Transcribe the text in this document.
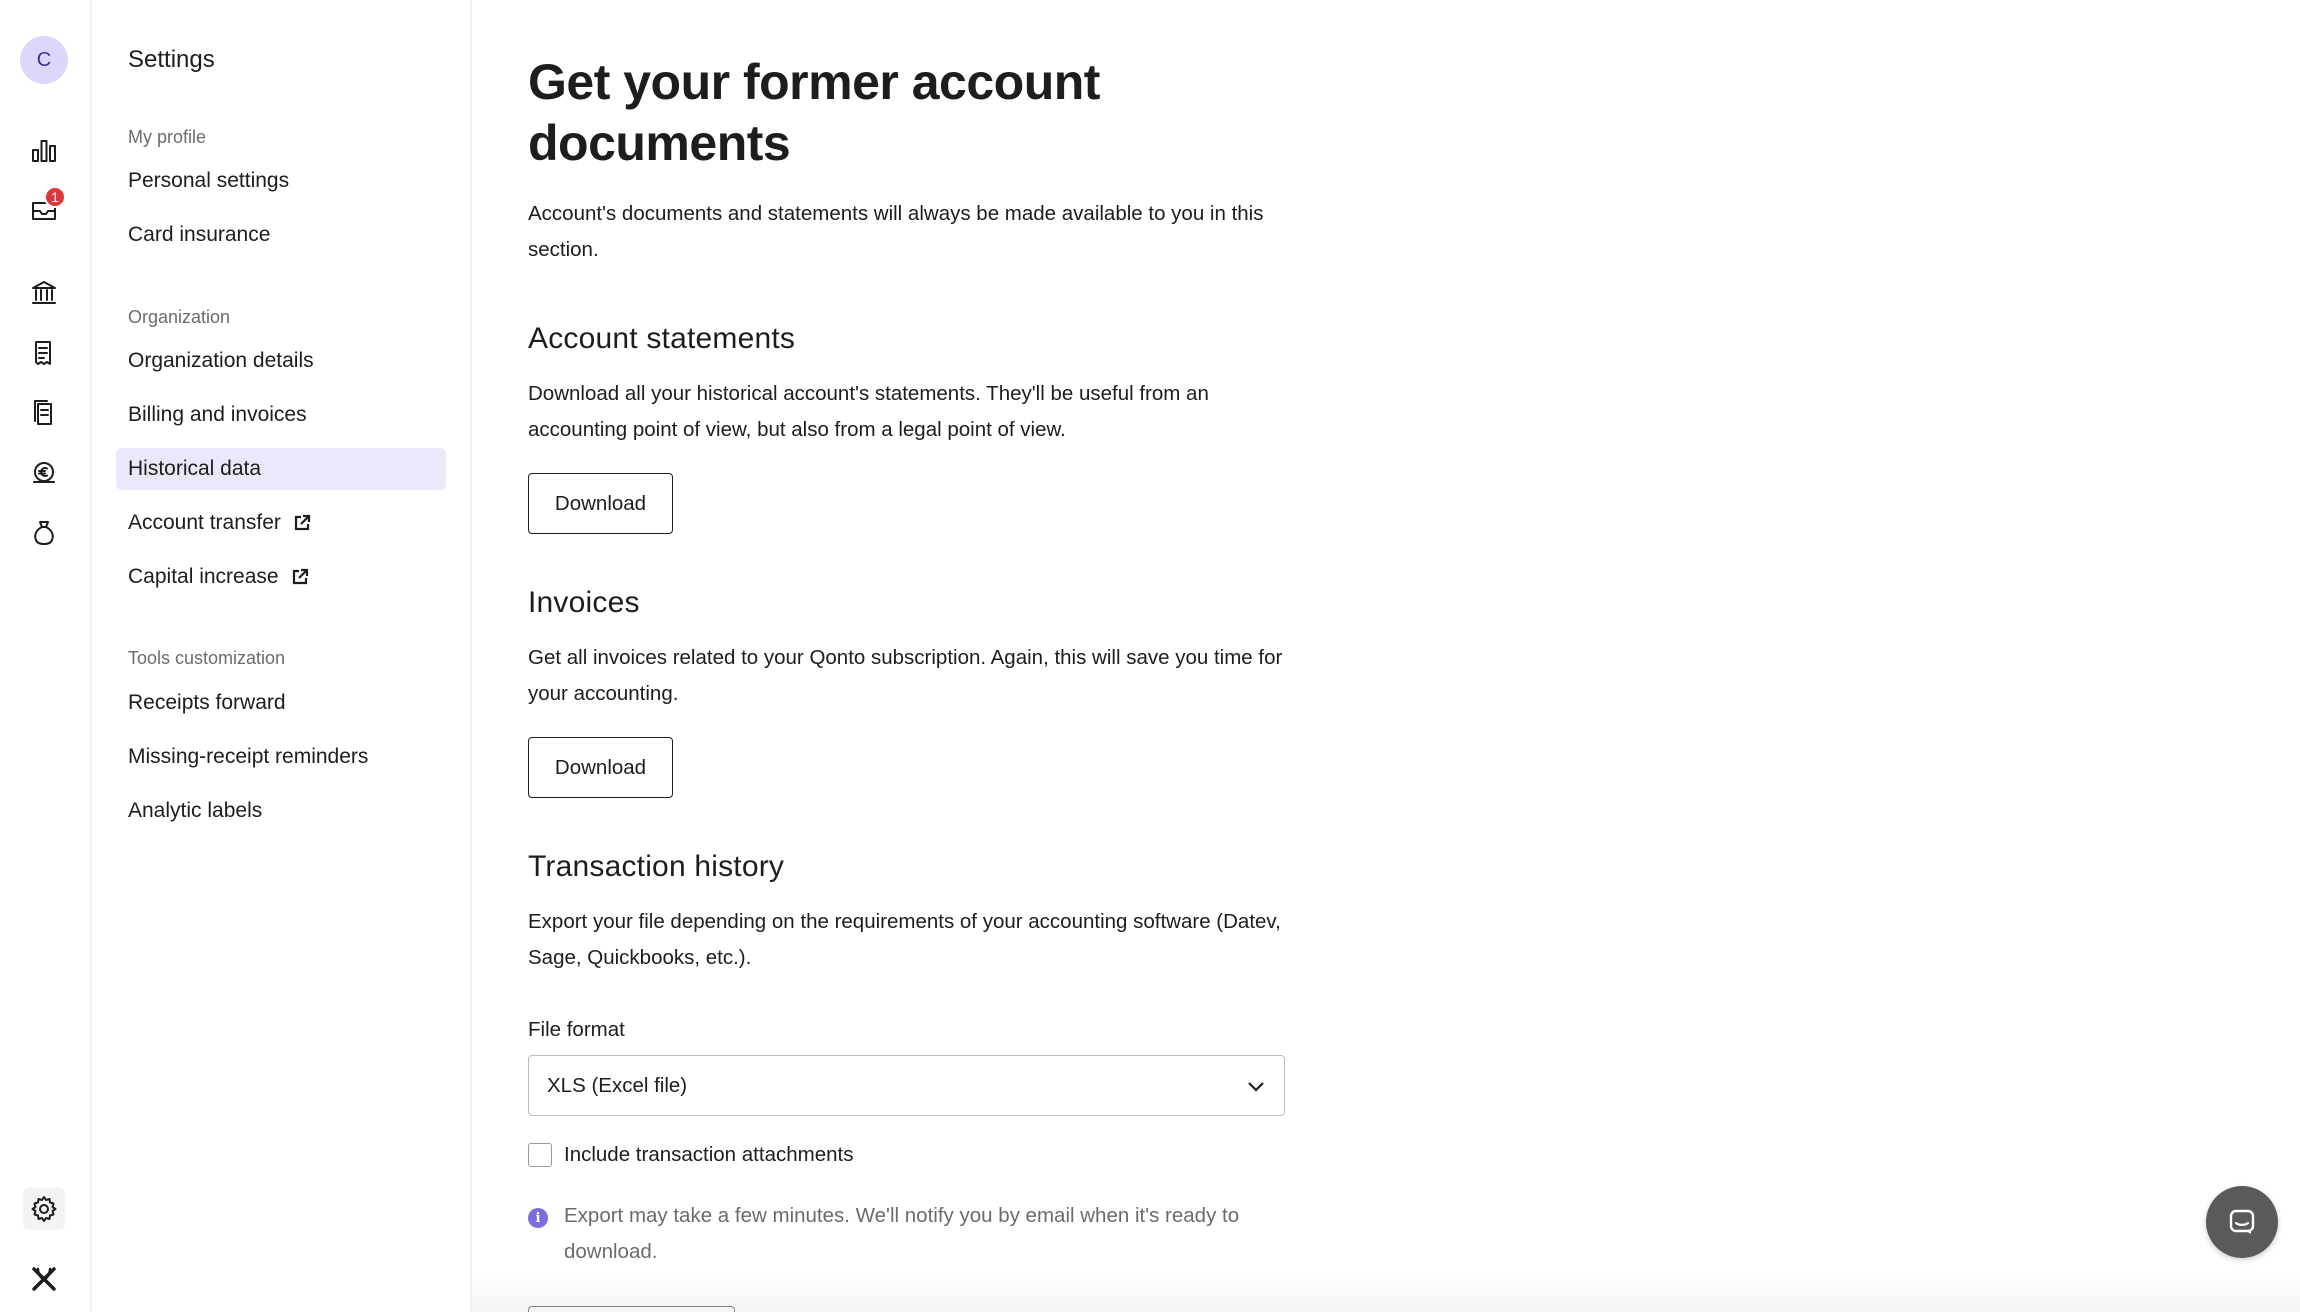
C
1
Settings
My profile
Personal settings
Card insurance
Organization
Organization details
Billing and invoices
Historical data
Account transfer
Capital increase
Tools customization
Receipts forward
Missing-receipt reminders
Analytic labels
Get your former account documents
Account's documents and statements will always be made available to you in this section.
Account statements
Download all your historical account's statements. They'll be useful from an accounting point of view, but also from a legal point of view.
Download
Invoices
Get all invoices related to your Qonto subscription. Again, this will save you time for your accounting.
Download
Transaction history
Export your file depending on the requirements of your accounting software (Datev, Sage, Quickbooks, etc.).
File format
XLS (Excel file)
Include transaction attachments
i	Export may take a few minutes. We'll notify you by email when it's ready to download.
